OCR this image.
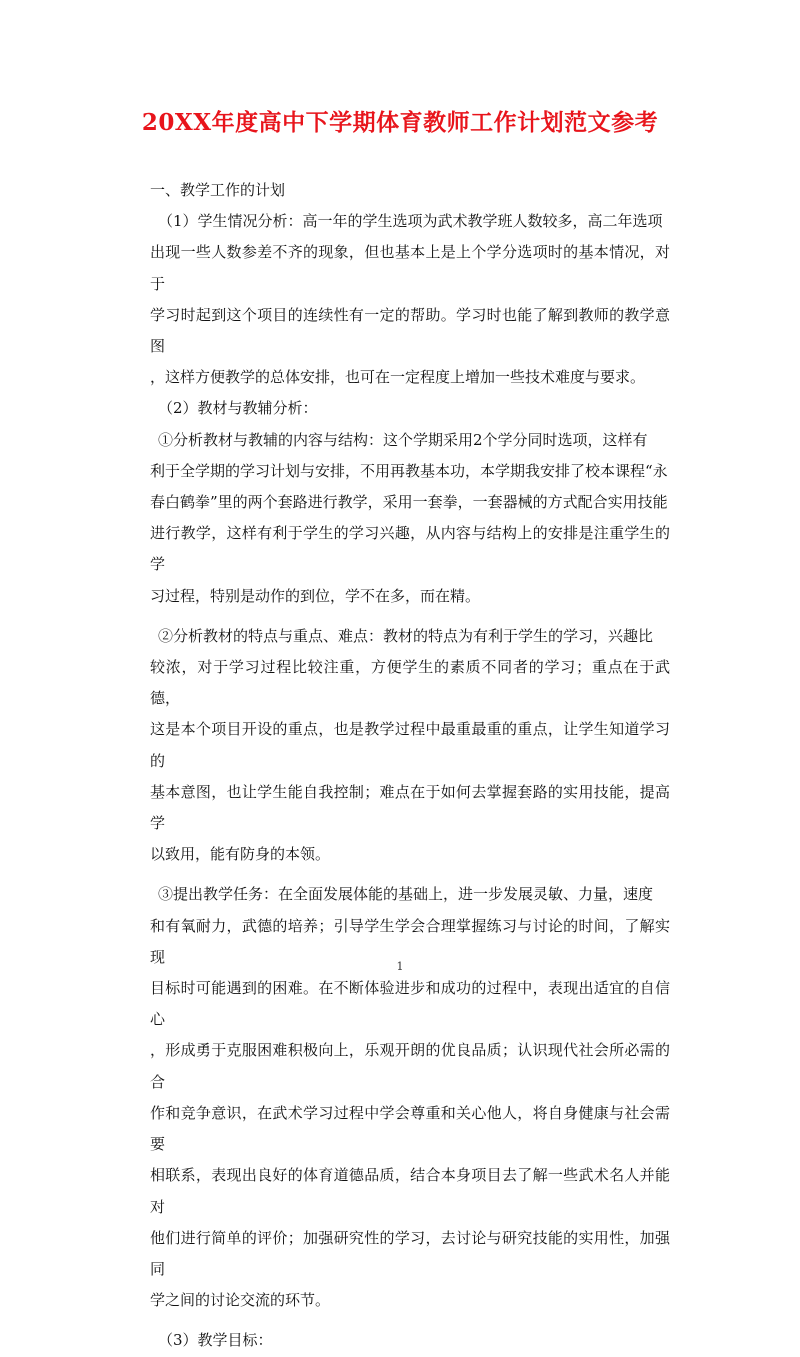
20XX年度高中下学期体育教师工作计划范文参考

一、教学工作的计划

（1）学生情况分析：高一年的学生选项为武术教学班人数较多，高二年选项

出现一些人数参差不齐的现象，但也基本上是上个学分选项时的基本情况，对于

学习时起到这个项目的连续性有一定的帮助。学习时也能了解到教师的教学意图

，这样方便教学的总体安排，也可在一定程度上增加一些技术难度与要求。

（2）教材与教辅分析：

①分析教材与教辅的内容与结构：这个学期采用2个学分同时选项，这样有

利于全学期的学习计划与安排，不用再教基本功，本学期我安排了校本课程“永

春白鹤拳”里的两个套路进行教学，采用一套拳，一套器械的方式配合实用技能

进行教学，这样有利于学生的学习兴趣，从内容与结构上的安排是注重学生的学

习过程，特别是动作的到位，学不在多，而在精。

②分析教材的特点与重点、难点：教材的特点为有利于学生的学习，兴趣比

较浓，对于学习过程比较注重，方便学生的素质不同者的学习；重点在于武德，

这是本个项目开设的重点，也是教学过程中最重最重的重点，让学生知道学习的

基本意图，也让学生能自我控制；难点在于如何去掌握套路的实用技能，提高学

以致用，能有防身的本领。

③提出教学任务：在全面发展体能的基础上，进一步发展灵敏、力量，速度

和有氧耐力，武德的培养；引导学生学会合理掌握练习与讨论的时间，了解实现

目标时可能遇到的困难。在不断体验进步和成功的过程中，表现出适宜的自信心

，形成勇于克服困难积极向上，乐观开朗的优良品质；认识现代社会所必需的合

作和竞争意识，在武术学习过程中学会尊重和关心他人，将自身健康与社会需要

相联系，表现出良好的体育道德品质，结合本身项目去了解一些武术名人并能对

他们进行简单的评价；加强研究性的学习，去讨论与研究技能的实用性，加强同

学之间的讨论交流的环节。

（3）教学目标：

1
